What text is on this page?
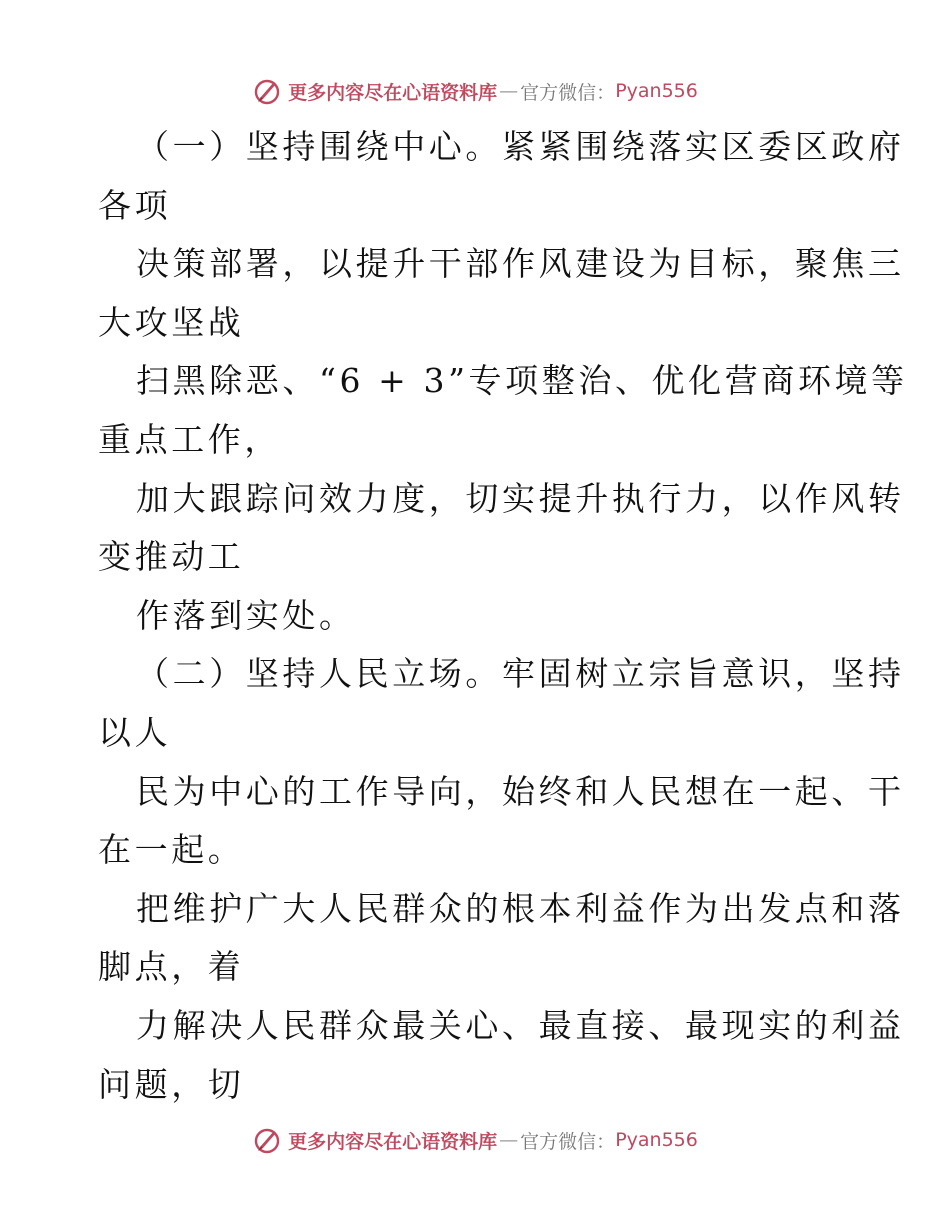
更多内容尽在心语资料库 — 官方微信： Pyan556
（一）坚持围绕中心。紧紧围绕落实区委区政府
各项
决策部署，以提升干部作风建设为目标，聚焦三
大攻坚战
扫黑除恶、“6 + 3”专项整治、优化营商环境等
重点工作，
加大跟踪问效力度，切实提升执行力，以作风转
变推动工
作落到实处。
（二）坚持人民立场。牢固树立宗旨意识，坚持
以人
民为中心的工作导向，始终和人民想在一起、干
在一起。
把维护广大人民群众的根本利益作为出发点和落
脚点，着
力解决人民群众最关心、最直接、最现实的利益
问题，切
更多内容尽在心语资料库 — 官方微信： Pyan556
